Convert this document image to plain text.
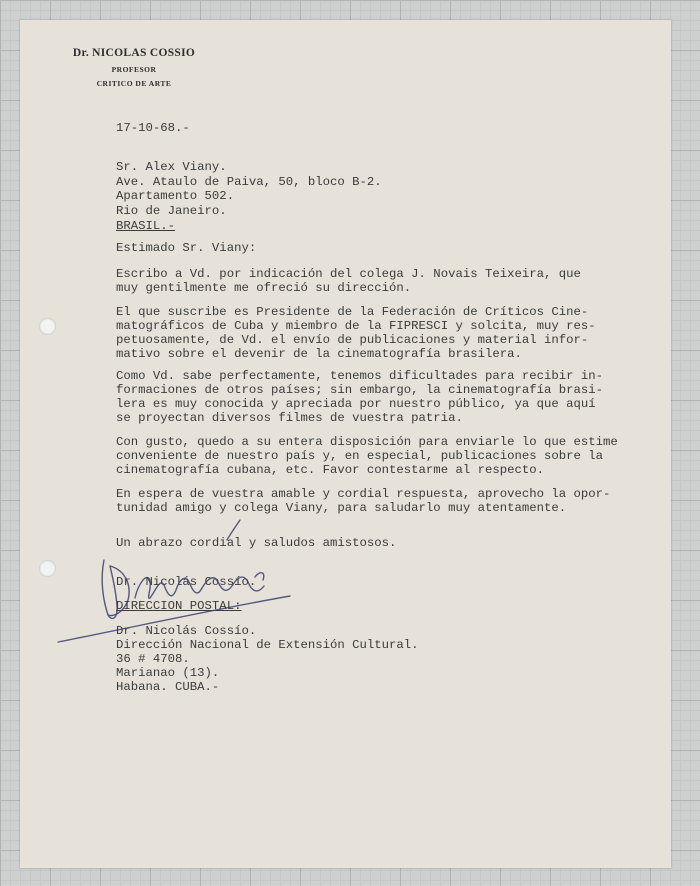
Dr. NICOLAS COSSIO
PROFESOR
CRITICO DE ARTE
17-10-68.-
Sr. Alex Viany.
Ave. Ataulo de Paiva, 50, bloco B-2.
Apartamento 502.
Rio de Janeiro.
BRASIL.-
Estimado Sr. Viany:
Escribo a Vd. por indicación del colega J. Novais Teixeira, que
muy gentilmente me ofreció su dirección.
El que suscribe es Presidente de la Federación de Críticos Cine-
matográficos de Cuba y miembro de la FIPRESCI y solcita, muy res-
petuosamente, de Vd. el envío de publicaciones y material infor-
mativo sobre el devenir de la cinematografía brasilera.
Como Vd. sabe perfectamente, tenemos dificultades para recibir in-
formaciones de otros países; sin embargo, la cinematografía brasi-
lera es muy conocida y apreciada por nuestro público, ya que aquí
se proyectan diversos filmes de vuestra patria.
Con gusto, quedo a su entera disposición para enviarle lo que estime
conveniente de nuestro país y, en especial, publicaciones sobre la
cinematografía cubana, etc. Favor contestarme al respecto.
En espera de vuestra amable y cordial respuesta, aprovecho la opor-
tunidad amigo y colega Viany, para saludarlo muy atentamente.
Un abrazo cordial y saludos amistosos.
Dr. Nicolás Cossío.
DIRECCION POSTAL:
Dr. Nicolás Cossío.
Dirección Nacional de Extensión Cultural.
36 # 4708.
Marianao (13).
Habana. CUBA.-
